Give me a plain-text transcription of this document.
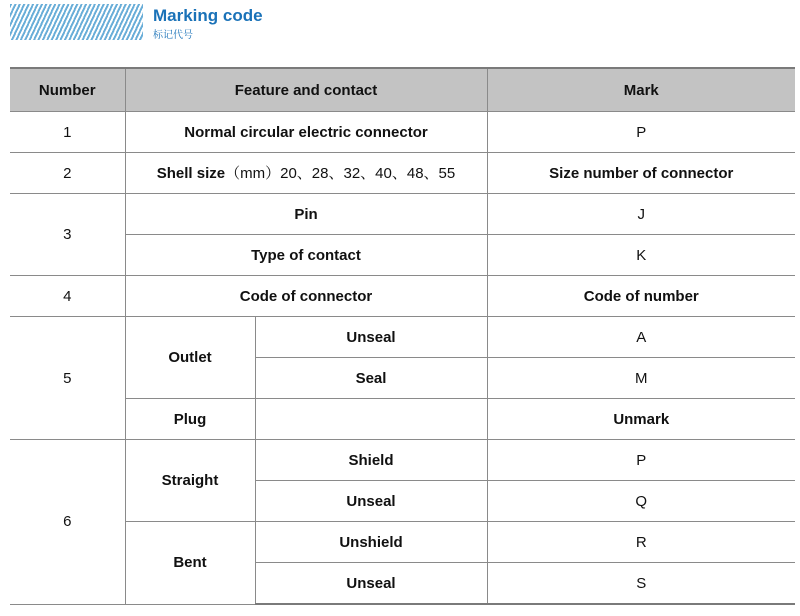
Marking code
标记代号
Number	Feature and contact		Mark
1	Normal circular electric connector		P
2	Shell size（mm）20、28、32、40、48、55		Size number of connector
3	Pin		J
	Type of contact		K
4	Code of connector		Code of number
5	Outlet	Unseal	A
		Seal	M
	Plug		Unmark
6	Straight	Shield	P
		Unseal	Q
	Bent	Unshield	R
		Unseal	S
